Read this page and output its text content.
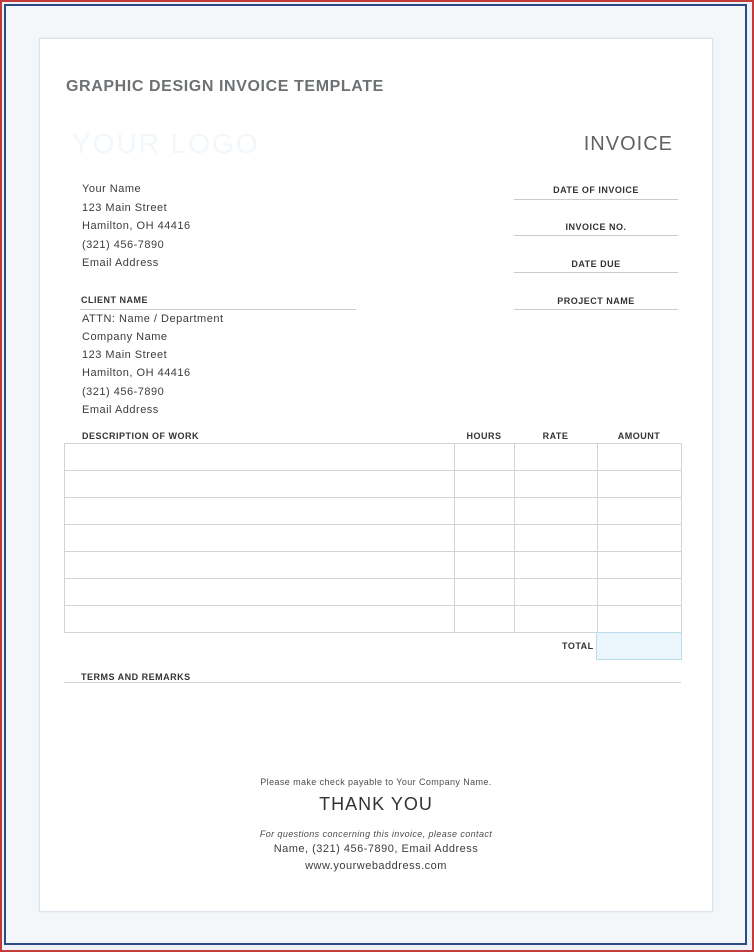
GRAPHIC DESIGN INVOICE TEMPLATE
YOUR LOGO	INVOICE
Your Name
123 Main Street
Hamilton, OH 44416
(321) 456-7890
Email Address
DATE OF INVOICE
INVOICE NO.
DATE DUE
PROJECT NAME
CLIENT NAME
ATTN: Name / Department
Company Name
123 Main Street
Hamilton, OH 44416
(321) 456-7890
Email Address
DESCRIPTION OF WORK	HOURS	RATE	AMOUNT

TOTAL
TERMS AND REMARKS
Please make check payable to Your Company Name.
THANK YOU
For questions concerning this invoice, please contact
Name, (321) 456-7890, Email Address
www.yourwebaddress.com
